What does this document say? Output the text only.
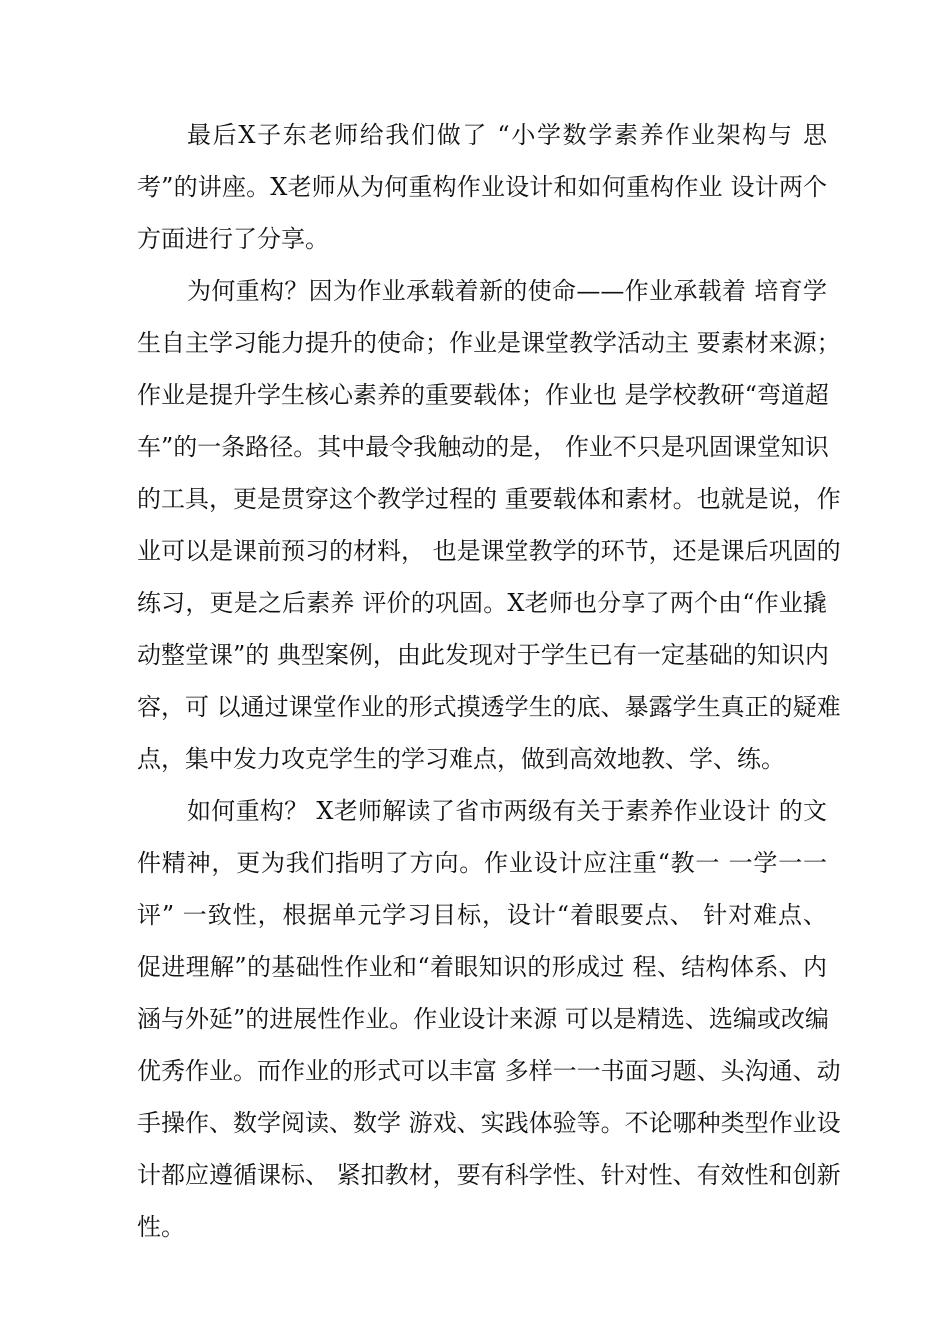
最后X子东老师给我们做了 “小学数学素养作业架构与 思
考”的讲座。X老师从为何重构作业设计和如何重构作业 设计两个
方面进行了分享。
为何重构？因为作业承载着新的使命——作业承载着 培育学
生自主学习能力提升的使命；作业是课堂教学活动主 要素材来源；
作业是提升学生核心素养的重要载体；作业也 是学校教研“弯道超
车”的一条路径。其中最令我触动的是， 作业不只是巩固课堂知识
的工具，更是贯穿这个教学过程的 重要载体和素材。也就是说，作
业可以是课前预习的材料， 也是课堂教学的环节，还是课后巩固的
练习，更是之后素养 评价的巩固。X老师也分享了两个由“作业撬
动整堂课”的 典型案例，由此发现对于学生已有一定基础的知识内
容，可 以通过课堂作业的形式摸透学生的底、暴露学生真正的疑难
点，集中发力攻克学生的学习难点，做到高效地教、学、练。
如何重构？ X老师解读了省市两级有关于素养作业设计 的文
件精神，更为我们指明了方向。作业设计应注重“教一 一学一一
评” 一致性，根据单元学习目标，设计“着眼要点、 针对难点、
促进理解”的基础性作业和“着眼知识的形成过 程、结构体系、内
涵与外延”的进展性作业。作业设计来源 可以是精选、选编或改编
优秀作业。而作业的形式可以丰富 多样一一书面习题、头沟通、动
手操作、数学阅读、数学 游戏、实践体验等。不论哪种类型作业设
计都应遵循课标、 紧扣教材，要有科学性、针对性、有效性和创新
性。
